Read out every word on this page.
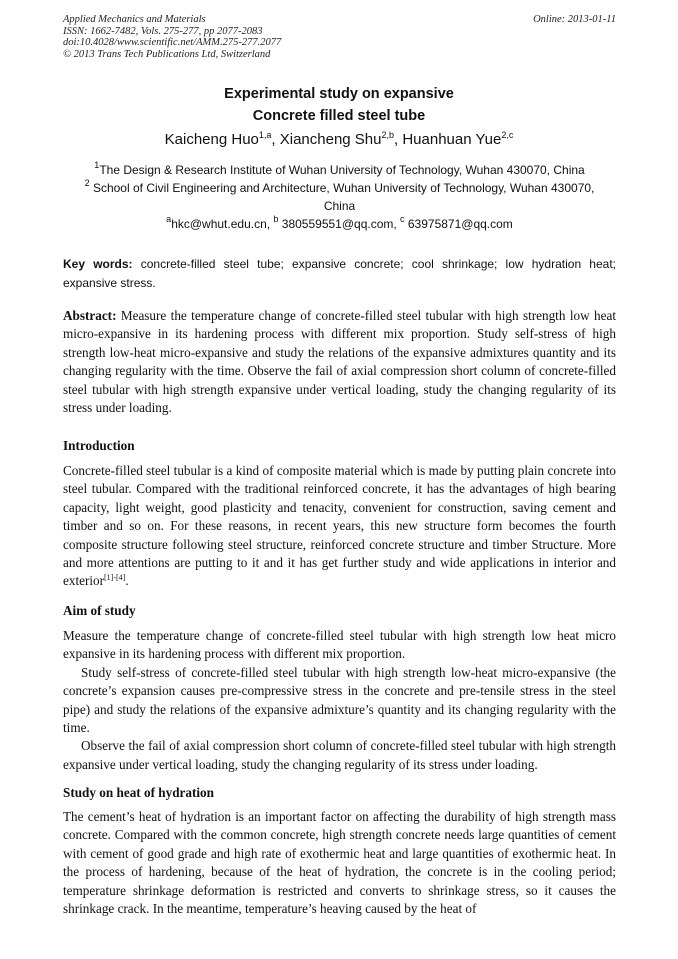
Applied Mechanics and Materials
ISSN: 1662-7482, Vols. 275-277, pp 2077-2083
doi:10.4028/www.scientific.net/AMM.275-277.2077
© 2013 Trans Tech Publications Ltd, Switzerland
Online: 2013-01-11
Experimental study on expansive
Concrete filled steel tube
Kaicheng Huo$^{1,a}$, Xiancheng Shu$^{2,b}$, Huanhuan Yue$^{2,c}$
$^1$The Design & Research Institute of Wuhan University of Technology, Wuhan 430070, China
$^2$ School of Civil Engineering and Architecture, Wuhan University of Technology, Wuhan 430070,
China
$^a$hkc@whut.edu.cn, $^b$ 380559551@qq.com, $^c$ 63975871@qq.com
Key words: concrete-filled steel tube; expansive concrete; cool shrinkage; low hydration heat; expansive stress.
Abstract: Measure the temperature change of concrete-filled steel tubular with high strength low heat micro-expansive in its hardening process with different mix proportion. Study self-stress of high strength low-heat micro-expansive and study the relations of the expansive admixtures quantity and its changing regularity with the time. Observe the fail of axial compression short column of concrete-filled steel tubular with high strength expansive under vertical loading, study the changing regularity of its stress under loading.
Introduction
Concrete-filled steel tubular is a kind of composite material which is made by putting plain concrete into steel tubular. Compared with the traditional reinforced concrete, it has the advantages of high bearing capacity, light weight, good plasticity and tenacity, convenient for construction, saving cement and timber and so on. For these reasons, in recent years, this new structure form becomes the fourth composite structure following steel structure, reinforced concrete structure and timber Structure. More and more attentions are putting to it and it has get further study and wide applications in interior and exterior[1]-[4].
Aim of study

Measure the temperature change of concrete-filled steel tubular with high strength low heat micro expansive in its hardening process with different mix proportion.

Study self-stress of concrete-filled steel tubular with high strength low-heat micro-expansive (the concrete’s expansion causes pre-compressive stress in the concrete and pre-tensile stress in the steel pipe) and study the relations of the expansive admixture’s quantity and its changing regularity with the time.

Observe the fail of axial compression short column of concrete-filled steel tubular with high strength expansive under vertical loading, study the changing regularity of its stress under loading.

Study on heat of hydration
The cement’s heat of hydration is an important factor on affecting the durability of high strength mass concrete. Compared with the common concrete, high strength concrete needs large quantities of cement with cement of good grade and high rate of exothermic heat and large quantities of exothermic heat. In the process of hardening, because of the heat of hydration, the concrete is in the cooling period; temperature shrinkage deformation is restricted and converts to shrinkage stress, so it causes the shrinkage crack. In the meantime, temperature’s heaving caused by the heat of
